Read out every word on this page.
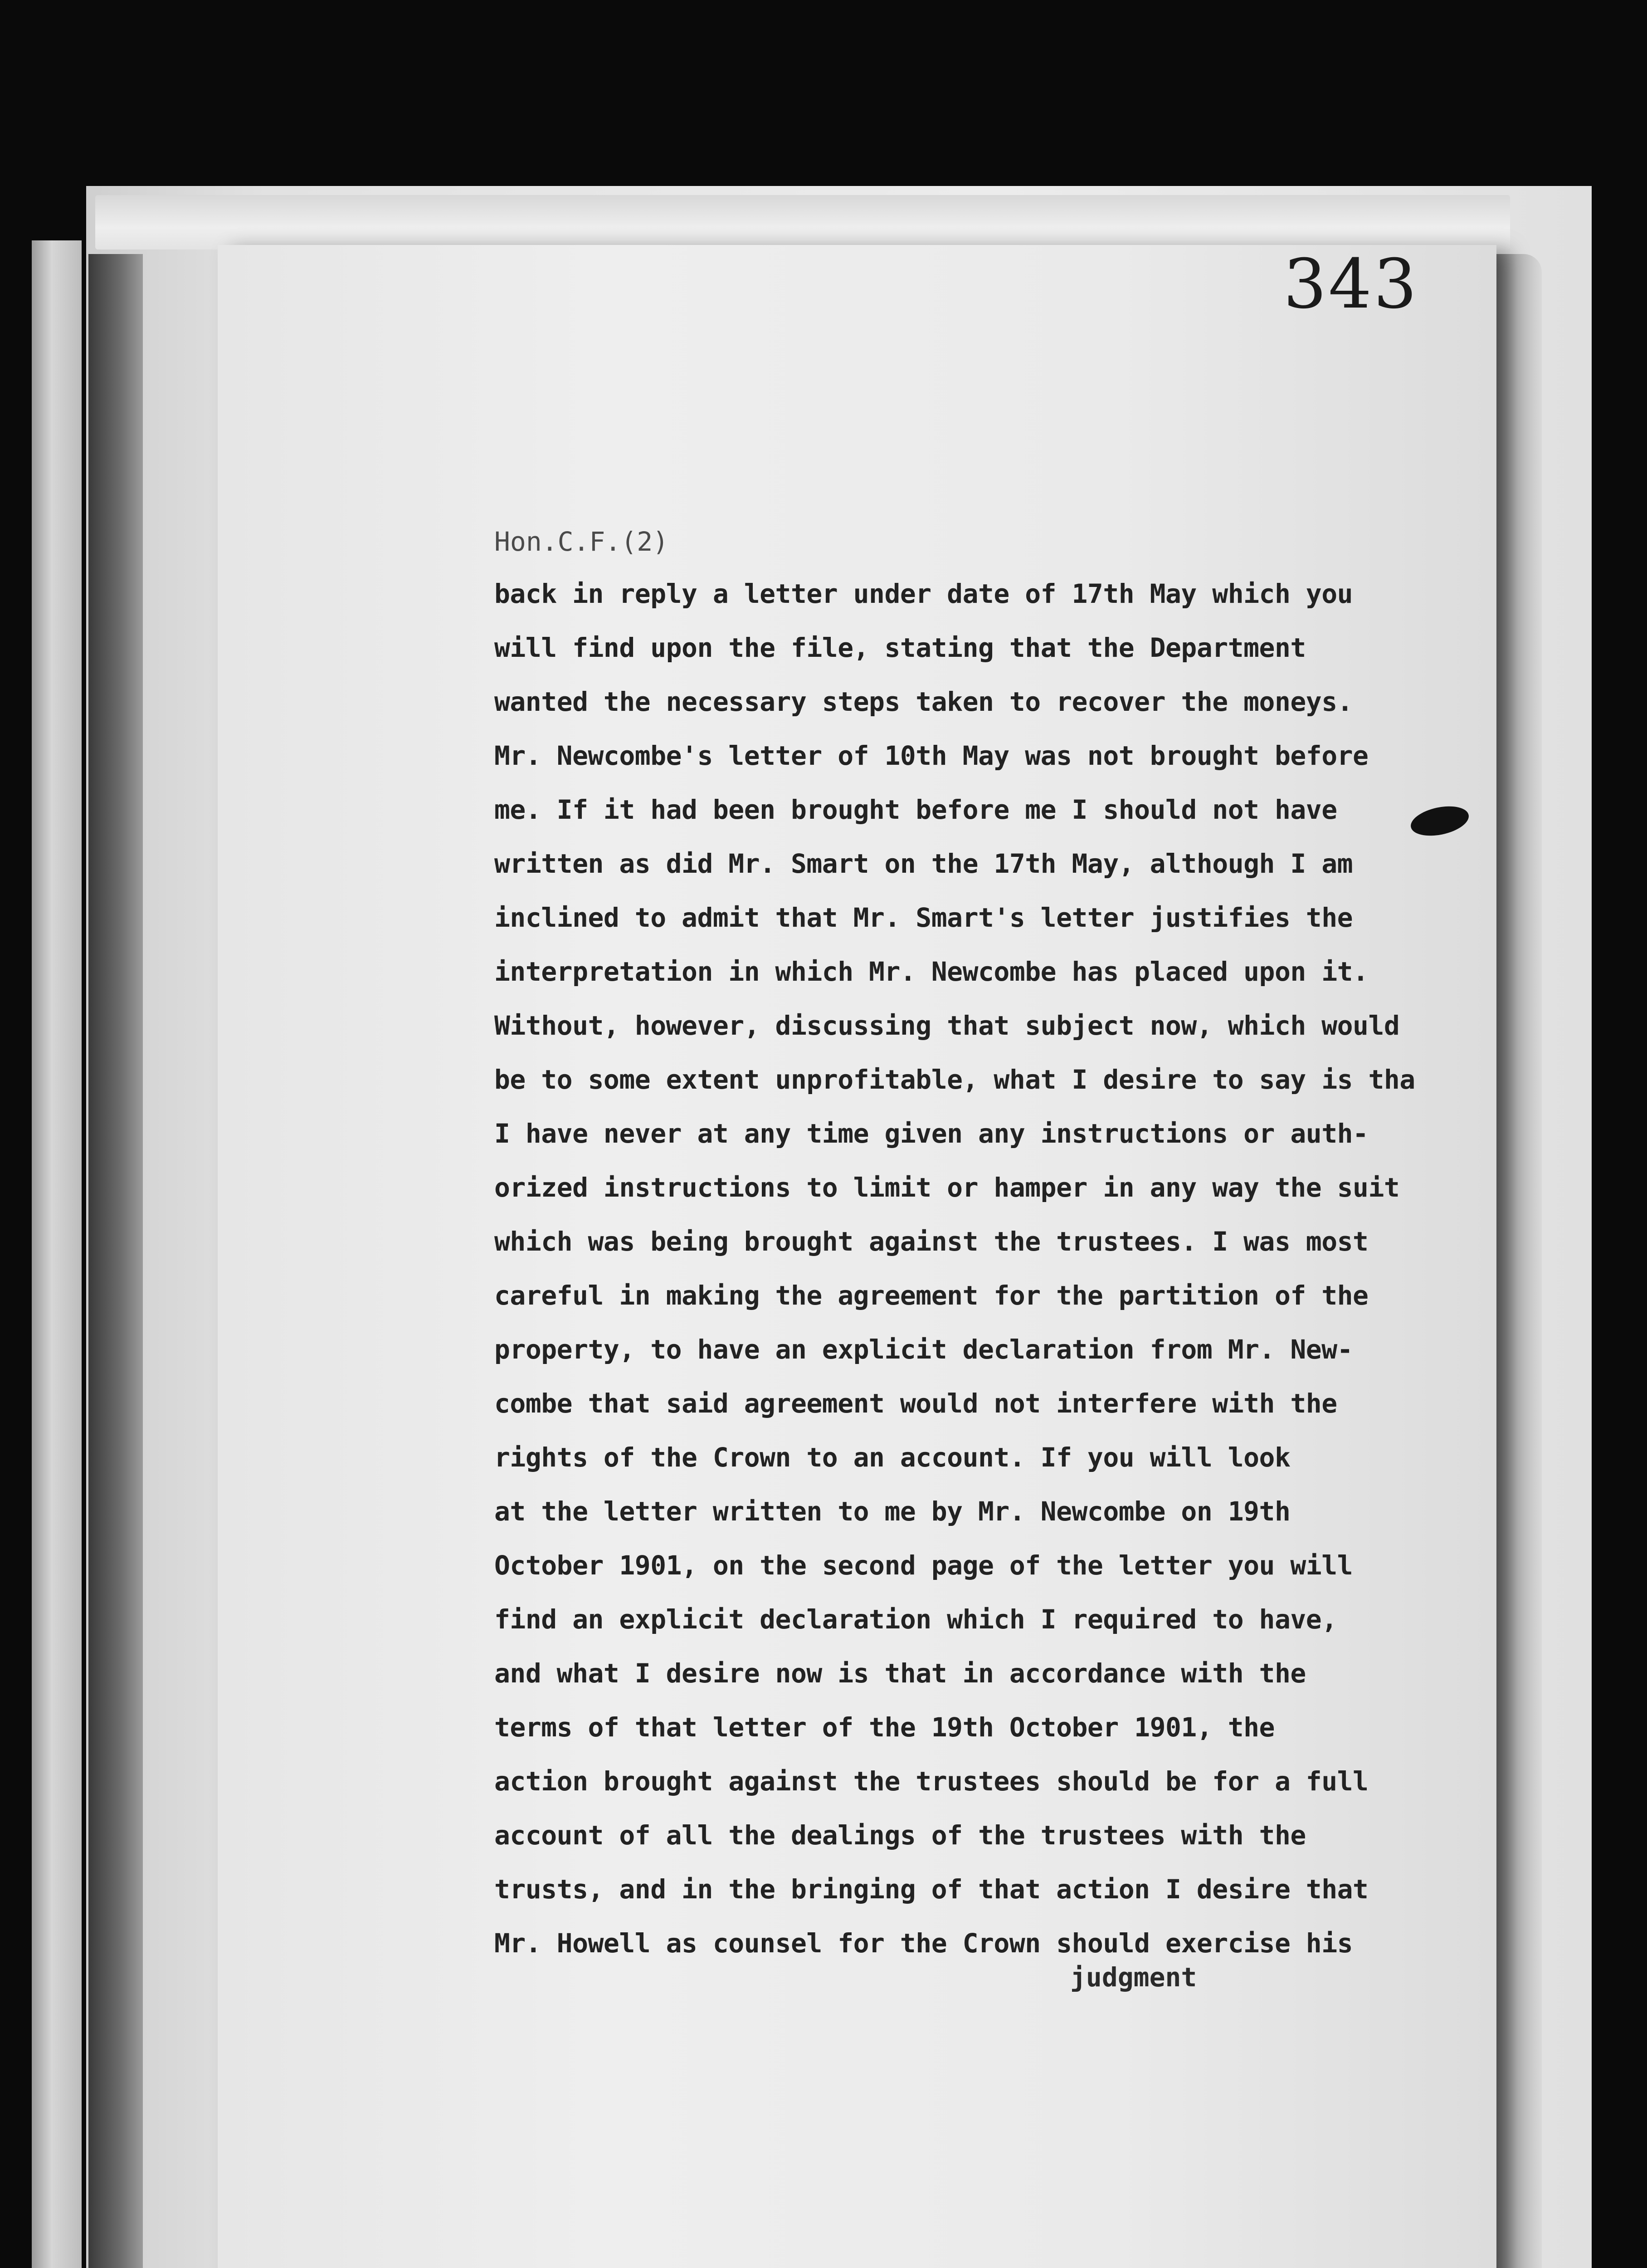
343
Hon.C.F.(2)
back in reply a letter under date of 17th May which you
will find upon the file, stating that the Department
wanted the necessary steps taken to recover the moneys.
Mr. Newcombe's letter of 10th May was not brought before
me. If it had been brought before me I should not have
written as did Mr. Smart on the 17th May, although I am
inclined to admit that Mr. Smart's letter justifies the
interpretation in which Mr. Newcombe has placed upon it.
Without, however, discussing that subject now, which would
be to some extent unprofitable, what I desire to say is tha
I have never at any time given any instructions or auth-
orized instructions to limit or hamper in any way the suit
which was being brought against the trustees. I was most
careful in making the agreement for the partition of the
property, to have an explicit declaration from Mr. New-
combe that said agreement would not interfere with the
rights of the Crown to an account. If you will look
at the letter written to me by Mr. Newcombe on 19th
October 1901, on the second page of the letter you will
find an explicit declaration which I required to have,
and what I desire now is that in accordance with the
terms of that letter of the 19th October 1901, the
action brought against the trustees should be for a full
account of all the dealings of the trustees with the
trusts, and in the bringing of that action I desire that
Mr. Howell as counsel for the Crown should exercise his
judgment
